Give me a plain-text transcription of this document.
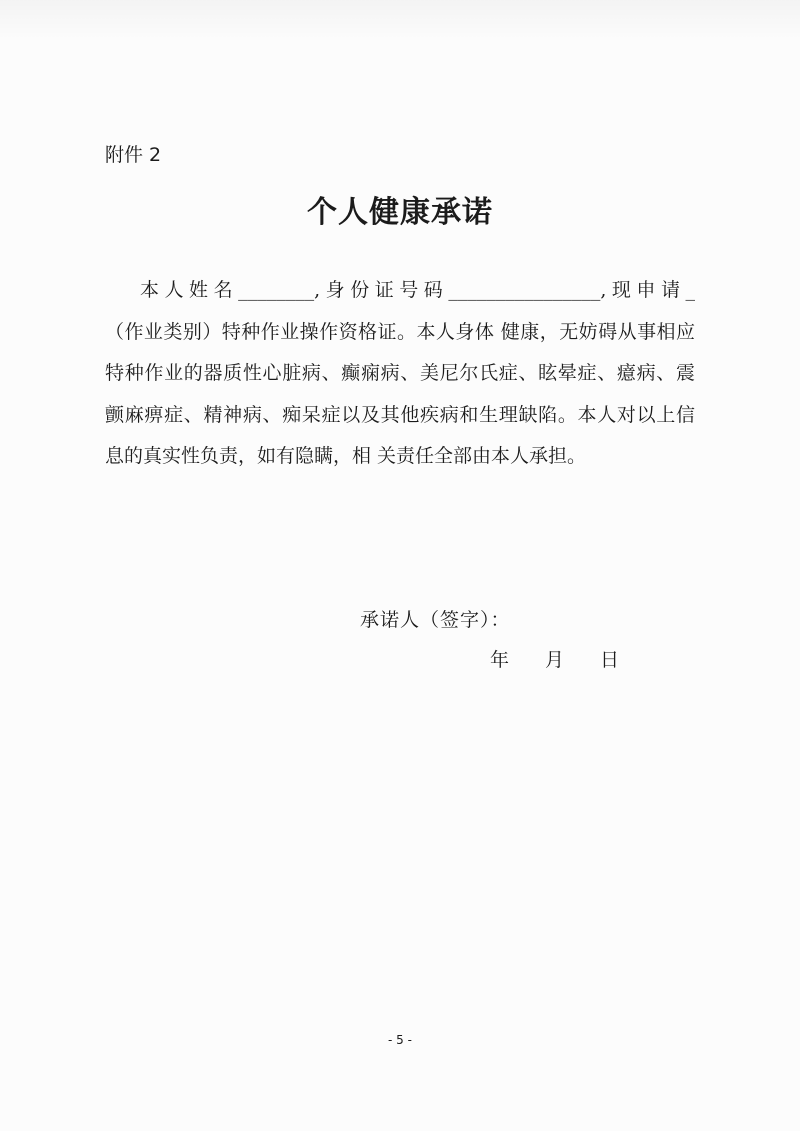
附件 2
个人健康承诺
本人姓名________,身份证号码________________,现申请_
（作业类别）特种作业操作资格证。本人身体 健康，无妨碍从事相应
特种作业的器质性心脏病、癫痫病、美尼尔氏症、眩晕症、癔病、震
颤麻痹症、精神病、痴呆症以及其他疾病和生理缺陷。本人对以上信
息的真实性负责，如有隐瞒，相 关责任全部由本人承担。
承诺人（签字）：
年 月 日
- 5 -
